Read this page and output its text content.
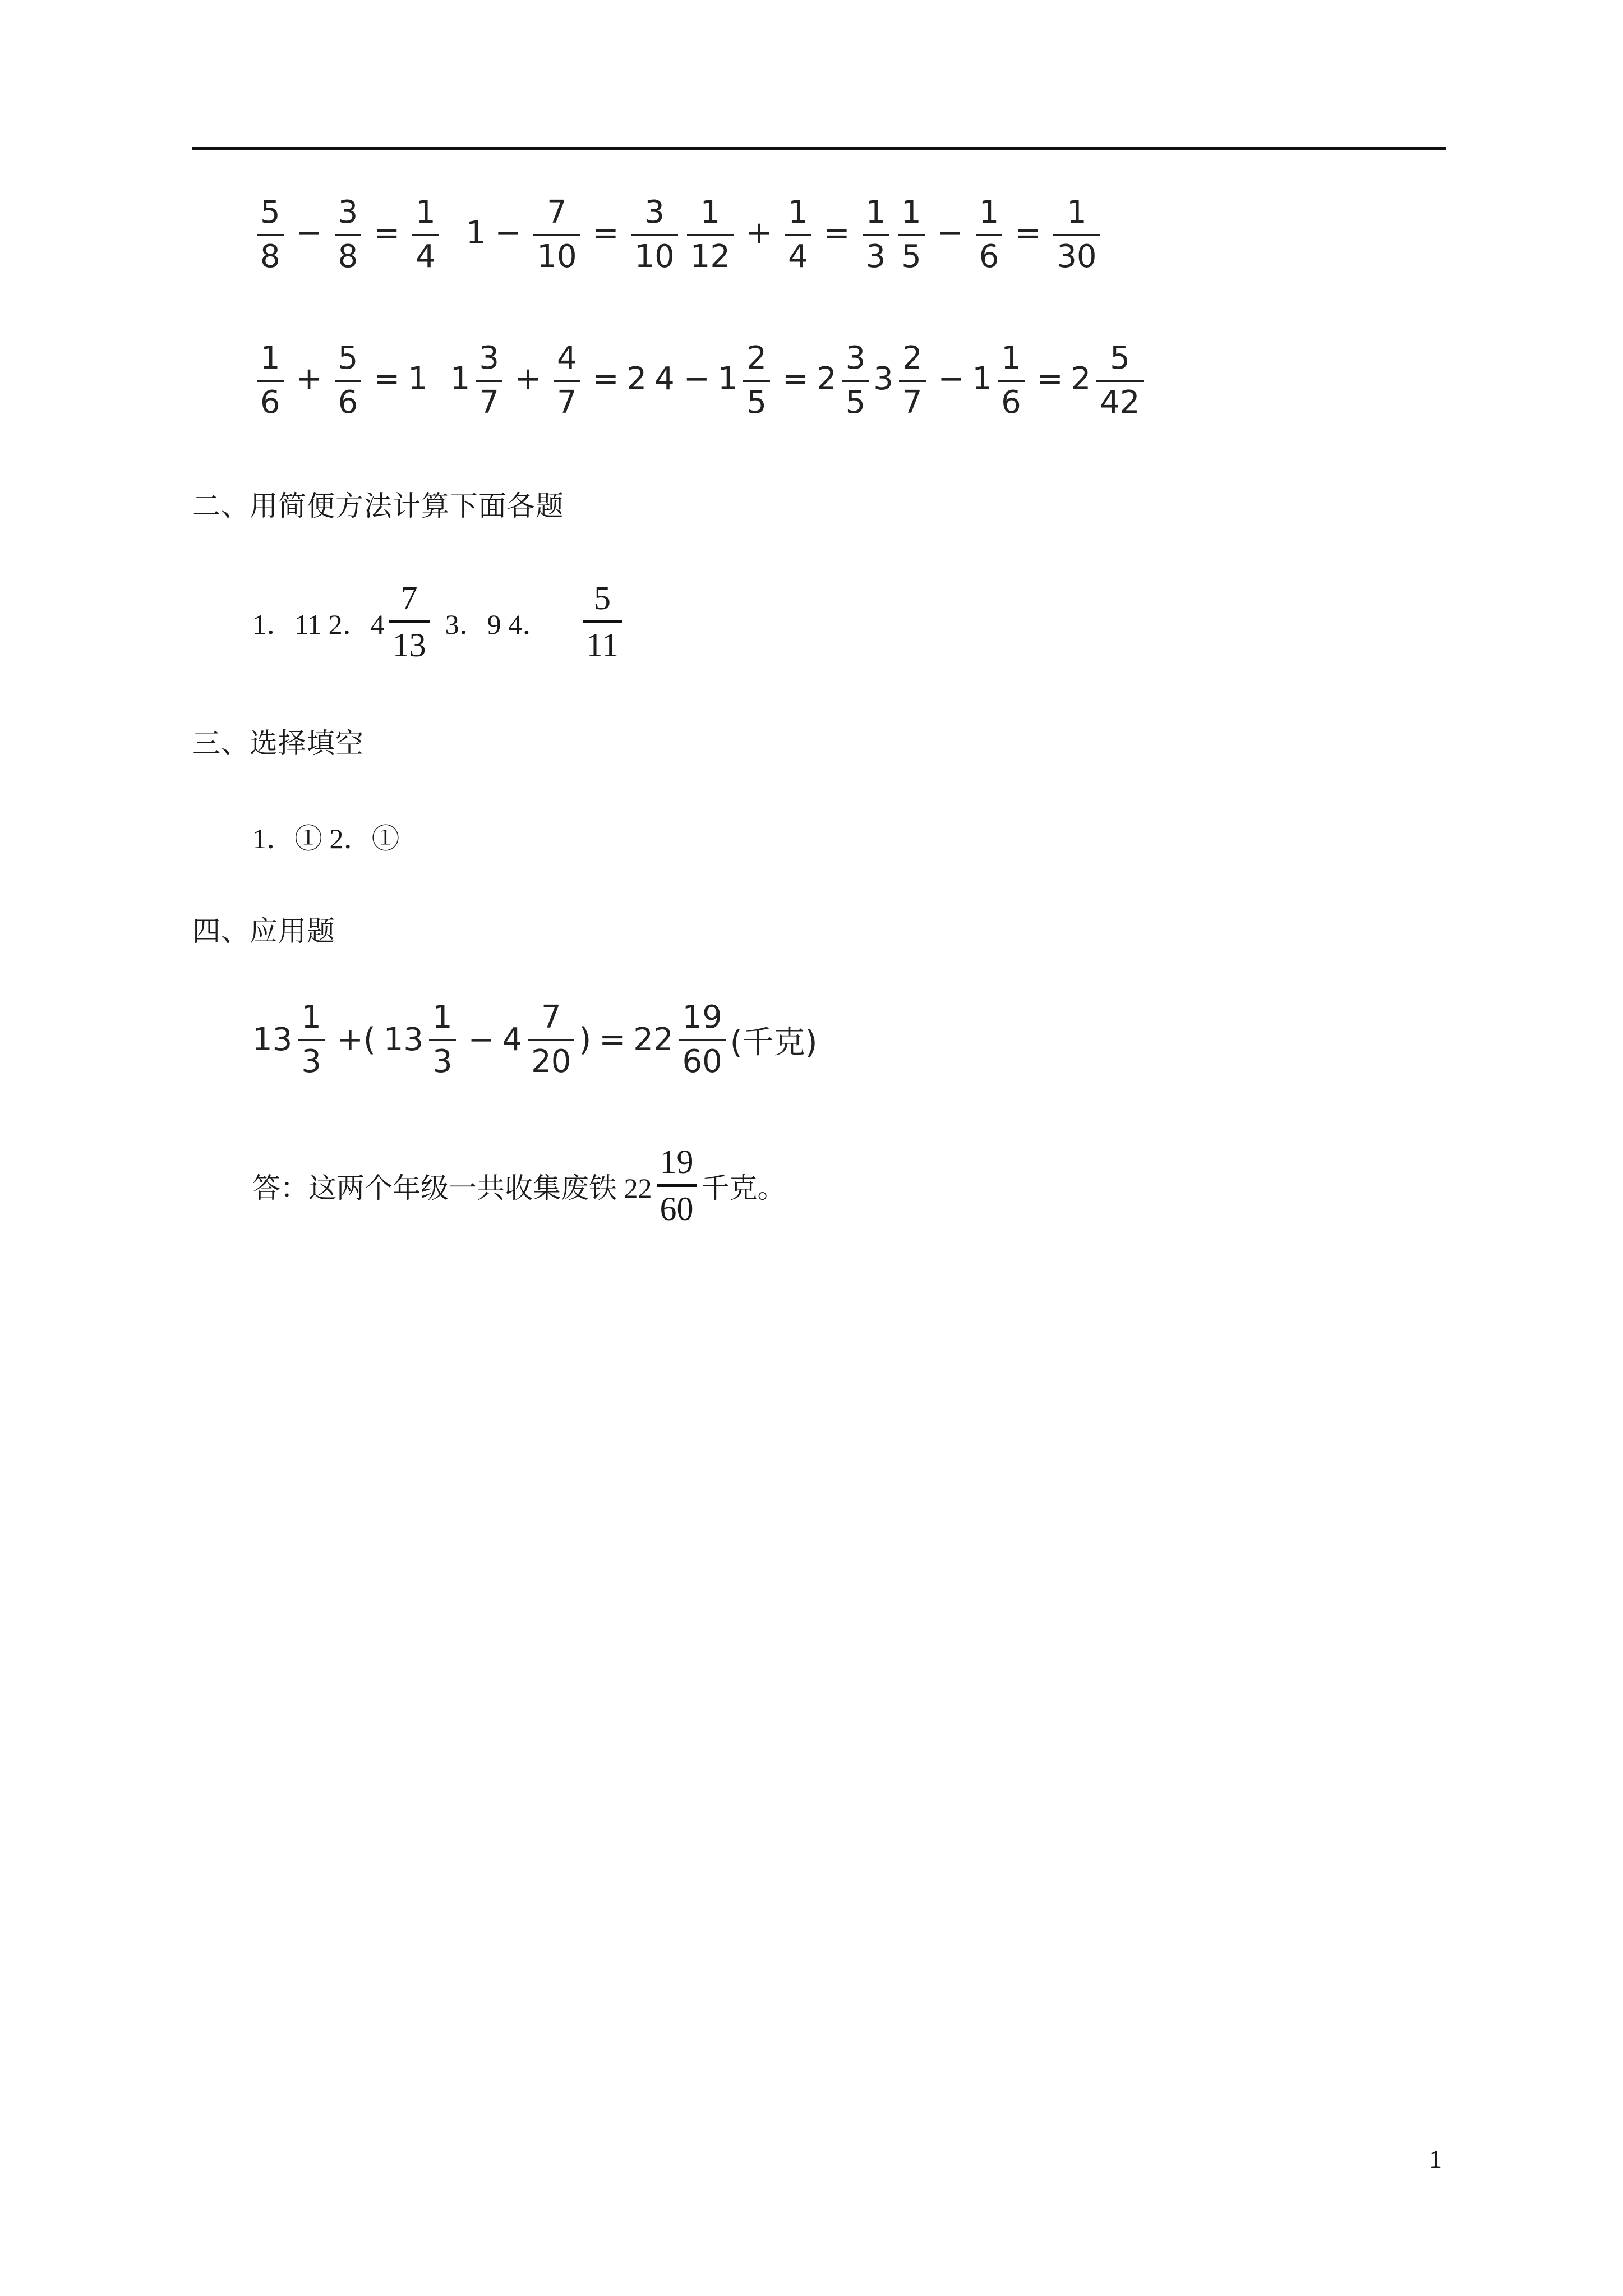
$\frac{5}{8} - \frac{3}{8} = \frac{1}{4} 1 - \frac{7}{10} = \frac{3}{10} \frac{1}{12} + \frac{1}{4} = \frac{1}{3} \frac{1}{5} - \frac{1}{6} = \frac{1}{30}$
$\frac{1}{6} + \frac{5}{6} = 1$ $1 \frac{3}{7} + \frac{4}{7} = 2$ $4 - 1 \frac{2}{5} = 2 \frac{3}{5} 3 \frac{2}{7} - 1 \frac{1}{6} = 2 \frac{5}{42}$
二、用简便方法计算下面各题
1．11 2．4
7
13
3．9 4．
5
11
三、选择填空
1．① 2．①
四、应用题
$13 \frac{1}{3}$ +( $13 \frac{1}{3} - 4 \frac{7}{20}$ ) = $22 \frac{19}{60}$ (千克)
答：这两个年级一共收集废铁 22
19
60
千克。
1
